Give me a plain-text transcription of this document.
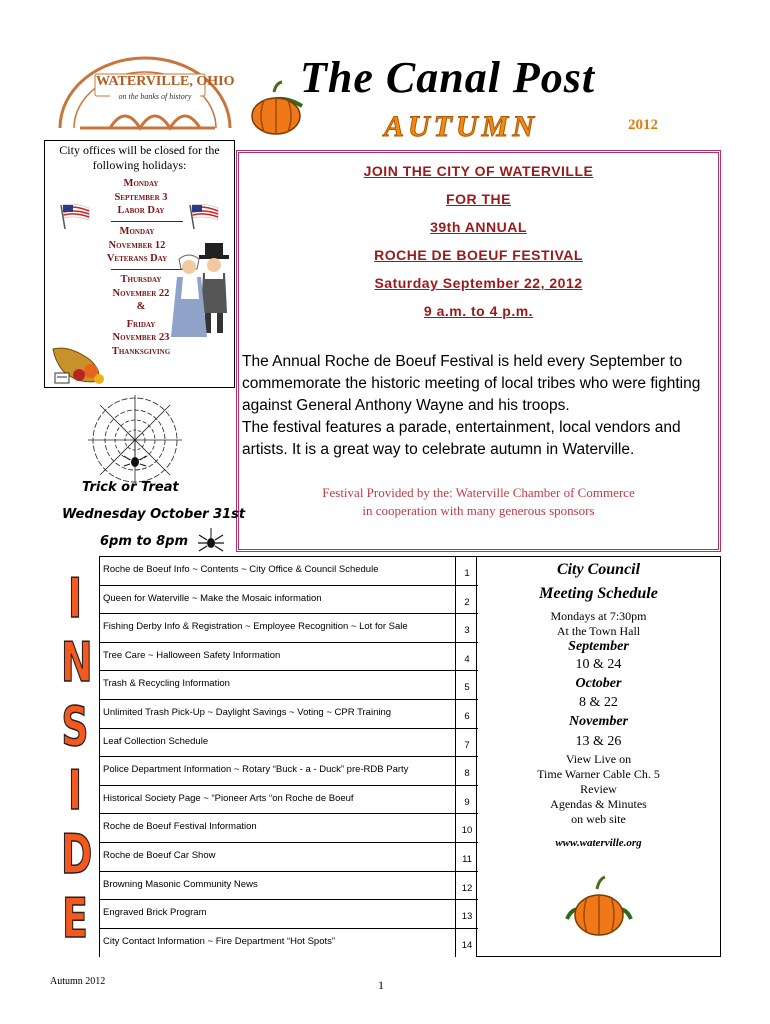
WATERVILLE, OHIO
on the banks of history The Canal Post
AUTUMN	2012
City offices will be closed for the following holidays:
Monday
September 3
Labor Day
Monday
November 12
Veterans Day
Thursday
November 22
&
Friday
November 23
Thanksgiving
JOIN THE CITY OF WATERVILLE
FOR THE
39th ANNUAL
ROCHE DE BOEUF FESTIVAL
Saturday September 22, 2012
9 a.m. to 4 p.m.
The Annual Roche de Boeuf Festival is held every September to commemorate the historic meeting of local tribes who were fighting against General Anthony Wayne and his troops.
The festival features a parade, entertainment, local vendors and artists. It is a great way to celebrate autumn in Waterville.
Festival Provided by the: Waterville Chamber of Commerce
in cooperation with many generous sponsors
Trick or Treat
Wednesday October 31st
6pm to 8pm
I
N
S
I
D
E
Roche de Boeuf Info ~ Contents ~ City Office & Council Schedule	1
Queen for Waterville ~ Make the Mosaic information	2
Fishing Derby Info & Registration ~ Employee Recognition ~ Lot for Sale	3
Tree Care ~ Halloween Safety Information	4
Trash & Recycling Information	5
Unlimited Trash Pick-Up ~ Daylight Savings ~ Voting ~ CPR Training	6
Leaf Collection Schedule	7
Police Department Information ~ Rotary “Buck - a - Duck” pre-RDB Party	8
Historical Society Page ~ “Pioneer Arts “on Roche de Boeuf	9
Roche de Boeuf Festival Information	10
Roche de Boeuf Car Show	11
Browning Masonic Community News	12
Engraved Brick Program	13
City Contact Information ~ Fire Department “Hot Spots”	14
City Council
Meeting Schedule
Mondays at 7:30pm
At the Town Hall
September
10 & 24
October
8 & 22
November
13 & 26
View Live on
Time Warner Cable Ch. 5
Review
Agendas & Minutes
on web site
www.waterville.org
Autumn 2012	1
